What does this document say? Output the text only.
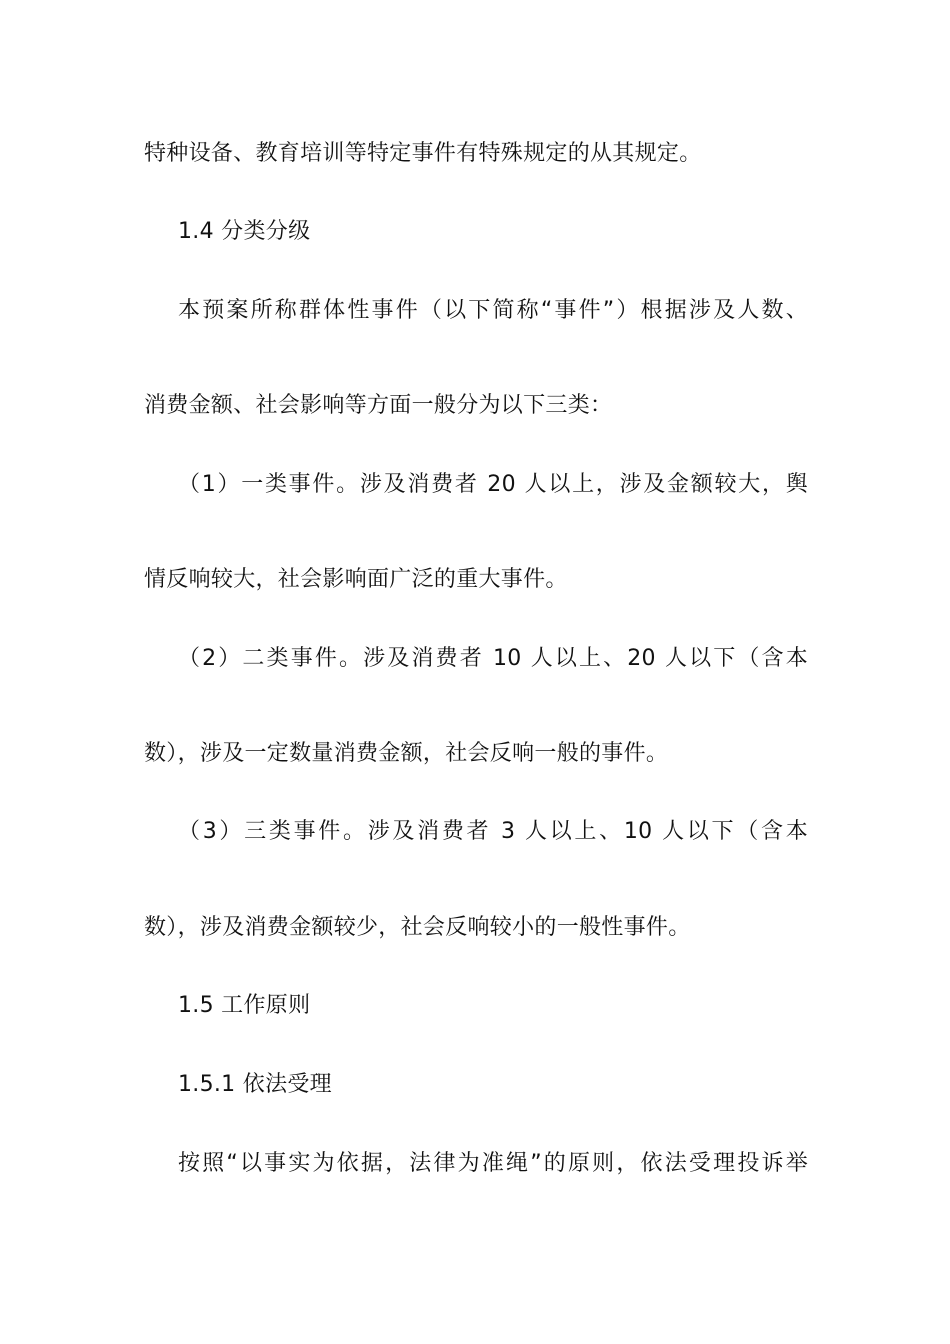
特种设备、教育培训等特定事件有特殊规定的从其规定。
1.4 分类分级
本预案所称群体性事件（以下简称“事件”）根据涉及人数、
消费金额、社会影响等方面一般分为以下三类：
（1）一类事件。涉及消费者 20 人以上，涉及金额较大，舆
情反响较大，社会影响面广泛的重大事件。
（2）二类事件。涉及消费者 10 人以上、20 人以下（含本
数），涉及一定数量消费金额，社会反响一般的事件。
（3）三类事件。涉及消费者 3 人以上、10 人以下（含本
数），涉及消费金额较少，社会反响较小的一般性事件。
1.5 工作原则
1.5.1 依法受理
按照“以事实为依据，法律为准绳”的原则，依法受理投诉举
